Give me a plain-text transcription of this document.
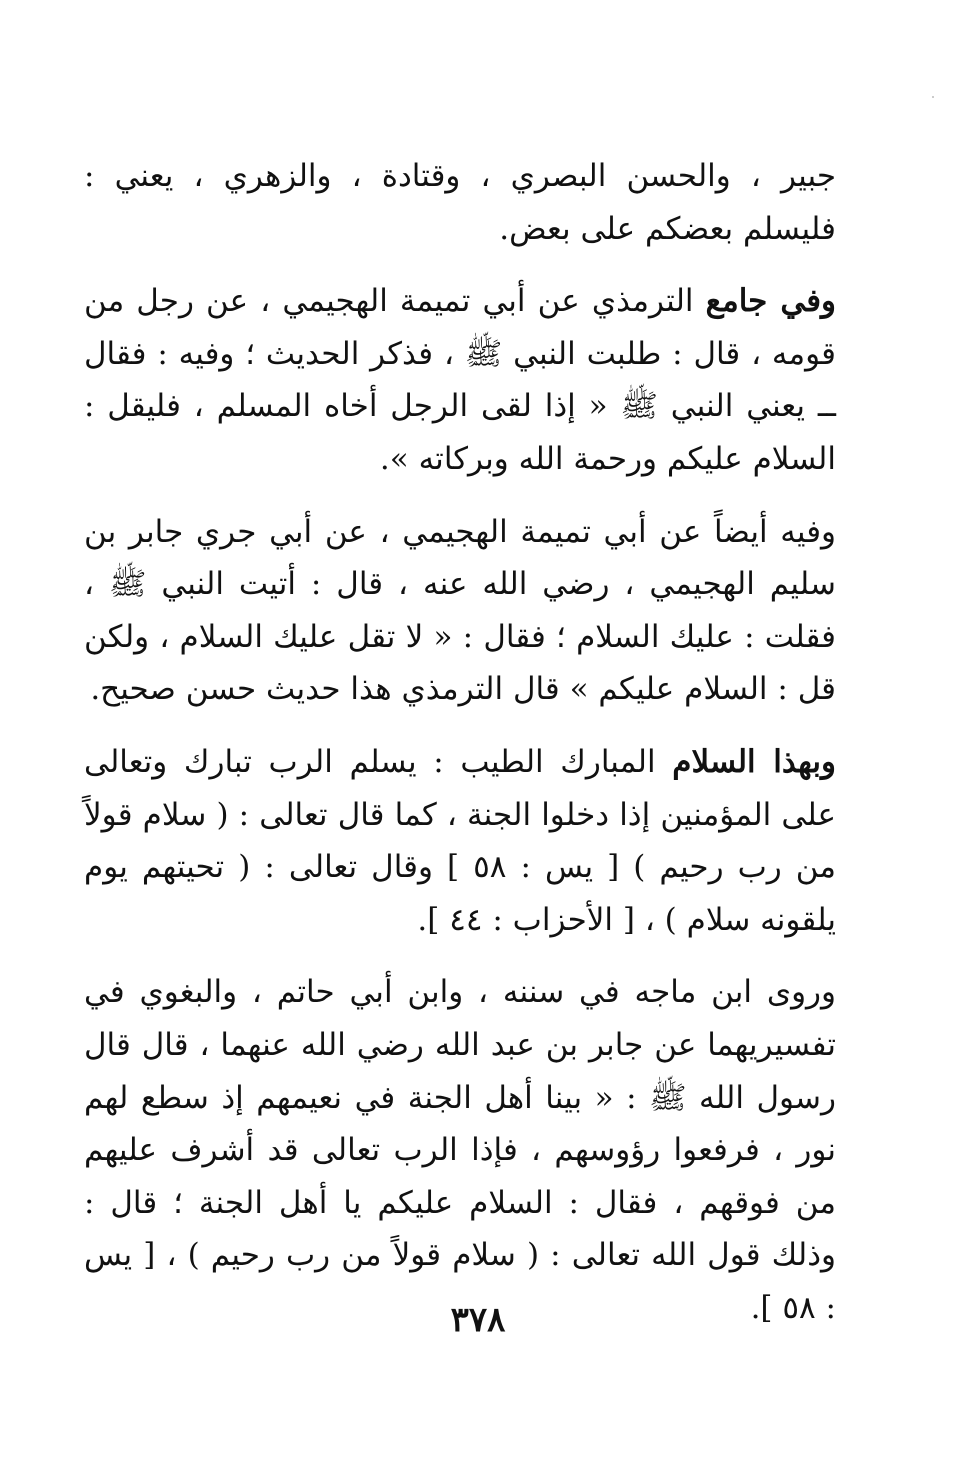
جبير ، والحسن البصري ، وقتادة ، والزهري ، يعني : فليسلم بعضكم على بعض.

وفي جامع الترمذي عن أبي تميمة الهجيمي ، عن رجل من قومه ، قال : طلبت النبي ﷺ ، فذكر الحديث ؛ وفيه : فقال ــ يعني النبي ﷺ « إذا لقى الرجل أخاه المسلم ، فليقل : السلام عليكم ورحمة الله وبركاته ».

وفيه أيضاً عن أبي تميمة الهجيمي ، عن أبي جري جابر بن سليم الهجيمي ، رضي الله عنه ، قال : أتيت النبي ﷺ ، فقلت : عليك السلام ؛ فقال : « لا تقل عليك السلام ، ولكن قل : السلام عليكم » قال الترمذي هذا حديث حسن صحيح.

وبهذا السلام المبارك الطيب : يسلم الرب تبارك وتعالى على المؤمنين إذا دخلوا الجنة ، كما قال تعالى : ( سلام قولاً من رب رحيم ) [ يس : ٥٨ ] وقال تعالى : ( تحيتهم يوم يلقونه سلام ) ، [ الأحزاب : ٤٤ ].

وروى ابن ماجه في سننه ، وابن أبي حاتم ، والبغوي في تفسيريهما عن جابر بن عبد الله رضي الله عنهما ، قال قال رسول الله ﷺ : « بينا أهل الجنة في نعيمهم إذ سطع لهم نور ، فرفعوا رؤوسهم ، فإذا الرب تعالى قد أشرف عليهم من فوقهم ، فقال : السلام عليكم يا أهل الجنة ؛ قال : وذلك قول الله تعالى : ( سلام قولاً من رب رحيم ) ، [ يس : ٥٨ ].

٣٧٨
